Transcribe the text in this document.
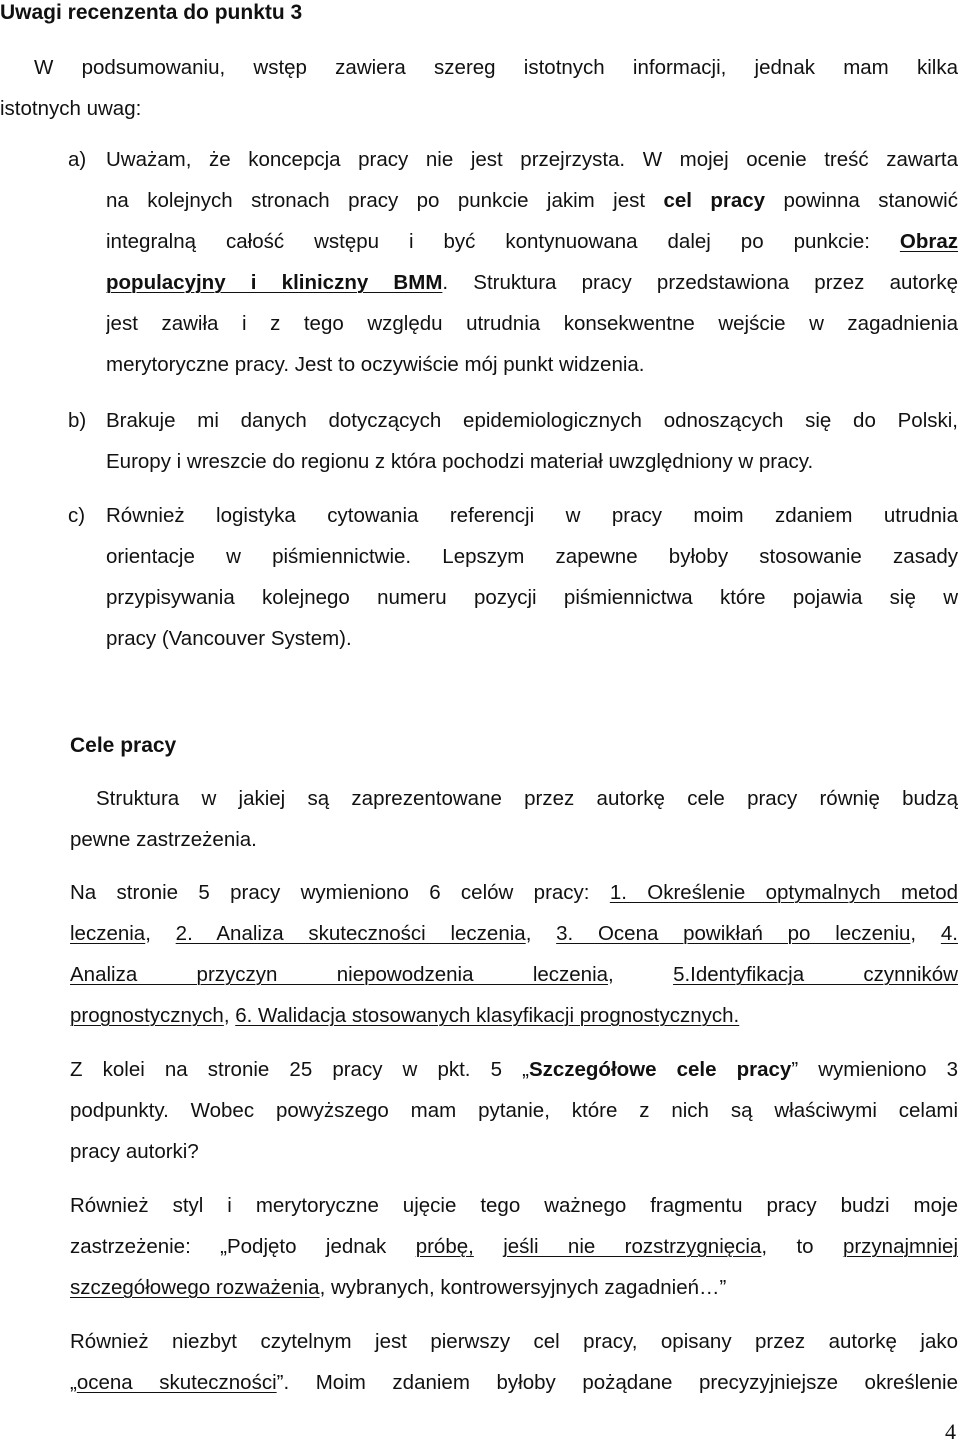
Uwagi recenzenta do punktu 3
W podsumowaniu, wstęp zawiera szereg istotnych informacji, jednak mam kilka
istotnych uwag:
a) Uważam, że koncepcja pracy nie jest przejrzysta. W mojej ocenie treść zawarta
na kolejnych stronach pracy po punkcie jakim jest cel pracy powinna stanowić
integralną całość wstępu i być kontynuowana dalej po punkcie: Obraz
populacyjny i kliniczny BMM. Struktura pracy przedstawiona przez autorkę
jest zawiła i z tego względu utrudnia konsekwentne wejście w zagadnienia
merytoryczne pracy. Jest to oczywiście mój punkt widzenia.
b) Brakuje mi danych dotyczących epidemiologicznych odnoszących się do Polski,
Europy i wreszcie do regionu z która pochodzi materiał uwzględniony w pracy.
c) Również logistyka cytowania referencji w pracy moim zdaniem utrudnia
orientacje w piśmiennictwie. Lepszym zapewne byłoby stosowanie zasady
przypisywania kolejnego numeru pozycji piśmiennictwa które pojawia się w
pracy (Vancouver System).
Cele pracy
Struktura w jakiej są zaprezentowane przez autorkę cele pracy równię budzą
pewne zastrzeżenia.
Na stronie 5 pracy wymieniono 6 celów pracy: 1. Określenie optymalnych metod
leczenia, 2. Analiza skuteczności leczenia, 3. Ocena powikłań po leczeniu, 4.
Analiza przyczyn niepowodzenia leczenia, 5.Identyfikacja czynników
prognostycznych, 6. Walidacja stosowanych klasyfikacji prognostycznych.
Z kolei na stronie 25 pracy w pkt. 5 „Szczegółowe cele pracy” wymieniono 3
podpunkty. Wobec powyższego mam pytanie, które z nich są właściwymi celami
pracy autorki?
Również styl i merytoryczne ujęcie tego ważnego fragmentu pracy budzi moje
zastrzeżenie: „Podjęto jednak próbę, jeśli nie rozstrzygnięcia, to przynajmniej
szczegółowego rozważenia, wybranych, kontrowersyjnych zagadnień…”
Również niezbyt czytelnym jest pierwszy cel pracy, opisany przez autorkę jako
„ocena skuteczności”. Moim zdaniem byłoby pożądane precyzyjniejsze określenie
4
